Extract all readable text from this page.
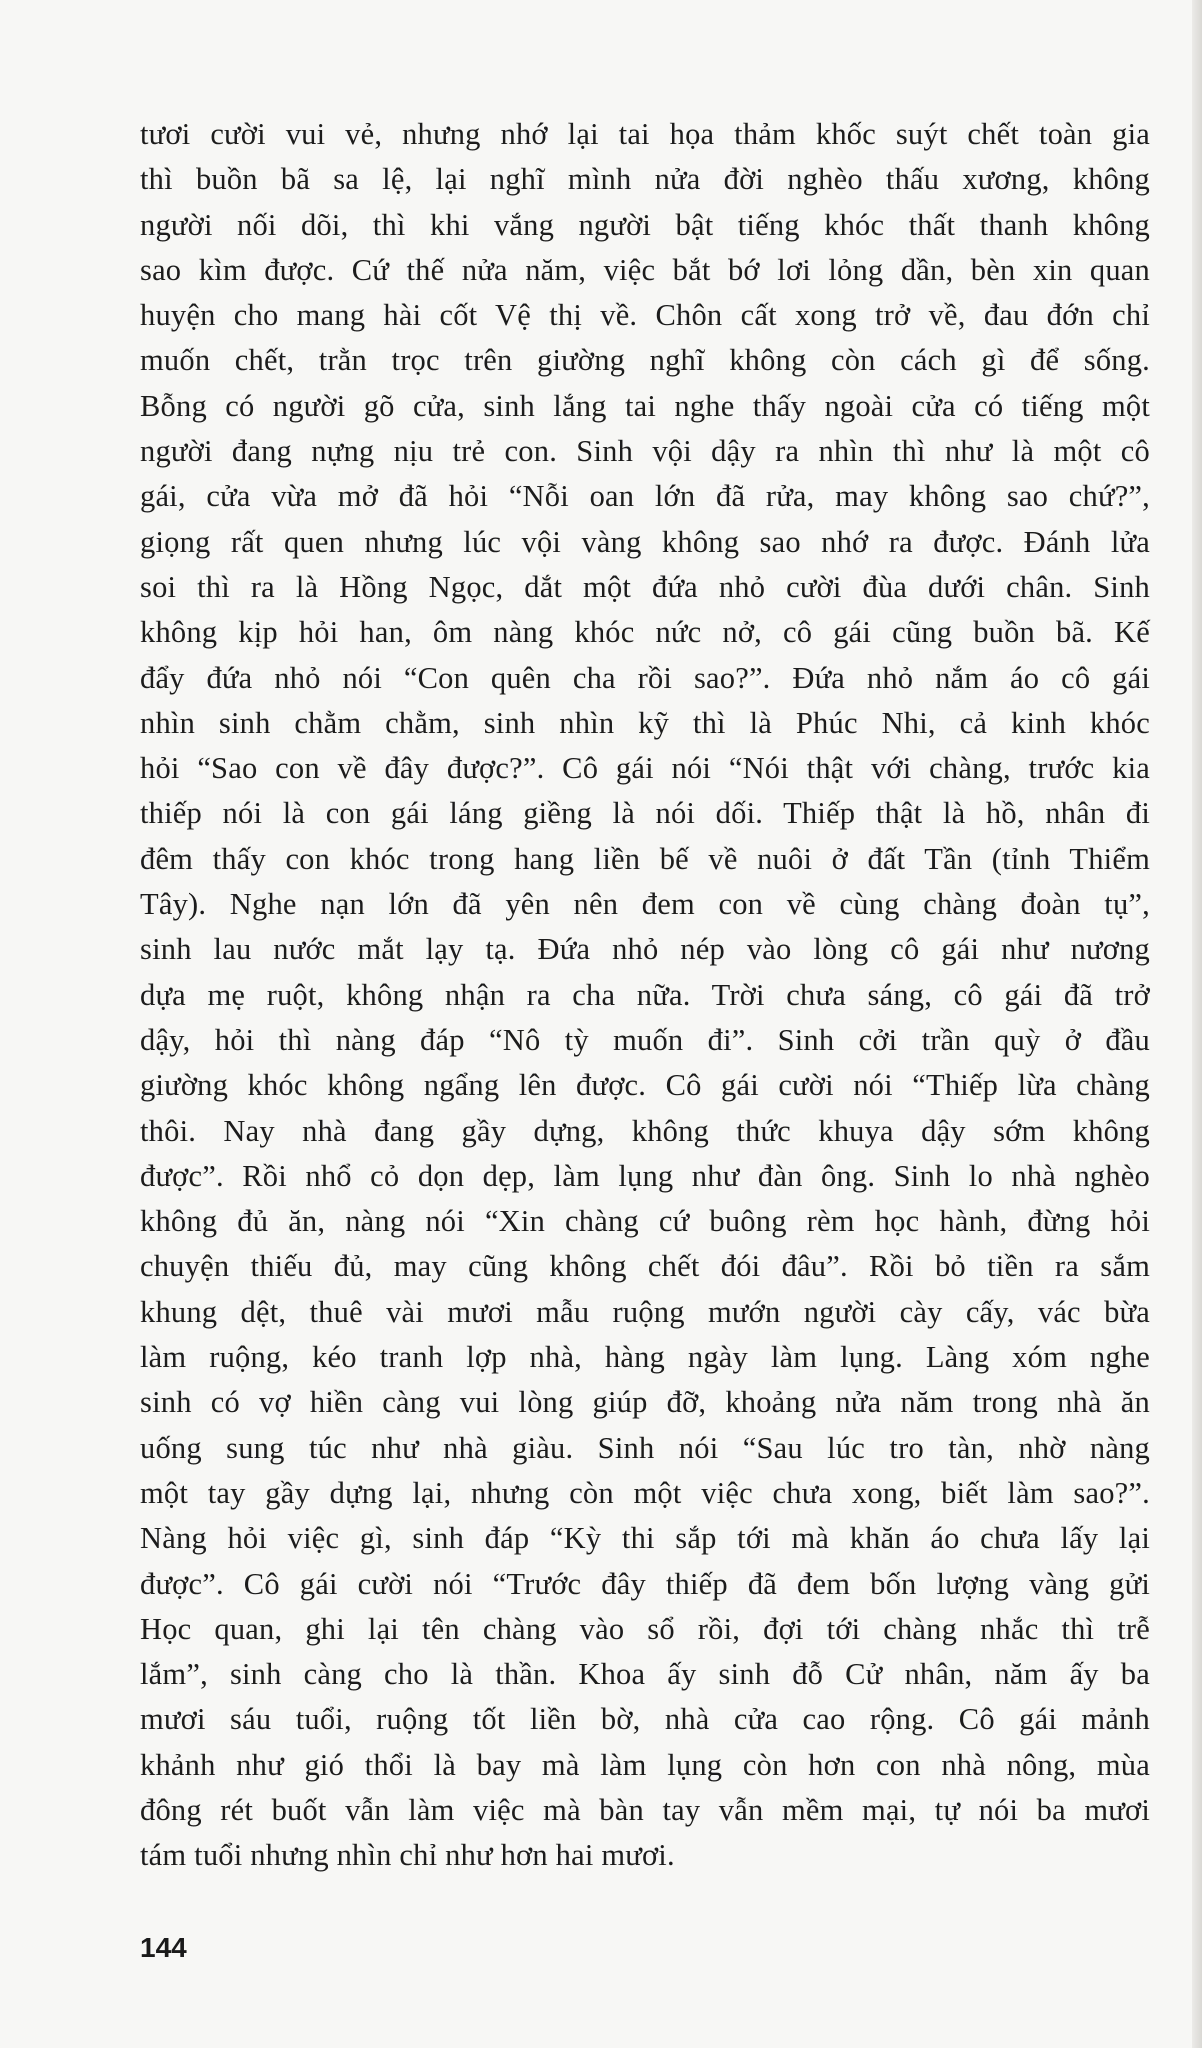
tươi cười vui vẻ, nhưng nhớ lại tai họa thảm khốc suýt chết toàn gia
thì buồn bã sa lệ, lại nghĩ mình nửa đời nghèo thấu xương, không
người nối dõi, thì khi vắng người bật tiếng khóc thất thanh không
sao kìm được. Cứ thế nửa năm, việc bắt bớ lơi lỏng dần, bèn xin quan
huyện cho mang hài cốt Vệ thị về. Chôn cất xong trở về, đau đớn chỉ
muốn chết, trằn trọc trên giường nghĩ không còn cách gì để sống.
Bỗng có người gõ cửa, sinh lắng tai nghe thấy ngoài cửa có tiếng một
người đang nựng nịu trẻ con. Sinh vội dậy ra nhìn thì như là một cô
gái, cửa vừa mở đã hỏi “Nỗi oan lớn đã rửa, may không sao chứ?”,
giọng rất quen nhưng lúc vội vàng không sao nhớ ra được. Đánh lửa
soi thì ra là Hồng Ngọc, dắt một đứa nhỏ cười đùa dưới chân. Sinh
không kịp hỏi han, ôm nàng khóc nức nở, cô gái cũng buồn bã. Kế
đẩy đứa nhỏ nói “Con quên cha rồi sao?”. Đứa nhỏ nắm áo cô gái
nhìn sinh chằm chằm, sinh nhìn kỹ thì là Phúc Nhi, cả kinh khóc
hỏi “Sao con về đây được?”. Cô gái nói “Nói thật với chàng, trước kia
thiếp nói là con gái láng giềng là nói dối. Thiếp thật là hồ, nhân đi
đêm thấy con khóc trong hang liền bế về nuôi ở đất Tần (tỉnh Thiểm
Tây). Nghe nạn lớn đã yên nên đem con về cùng chàng đoàn tụ”,
sinh lau nước mắt lạy tạ. Đứa nhỏ nép vào lòng cô gái như nương
dựa mẹ ruột, không nhận ra cha nữa. Trời chưa sáng, cô gái đã trở
dậy, hỏi thì nàng đáp “Nô tỳ muốn đi”. Sinh cởi trần quỳ ở đầu
giường khóc không ngẩng lên được. Cô gái cười nói “Thiếp lừa chàng
thôi. Nay nhà đang gầy dựng, không thức khuya dậy sớm không
được”. Rồi nhổ cỏ dọn dẹp, làm lụng như đàn ông. Sinh lo nhà nghèo
không đủ ăn, nàng nói “Xin chàng cứ buông rèm học hành, đừng hỏi
chuyện thiếu đủ, may cũng không chết đói đâu”. Rồi bỏ tiền ra sắm
khung dệt, thuê vài mươi mẫu ruộng mướn người cày cấy, vác bừa
làm ruộng, kéo tranh lợp nhà, hàng ngày làm lụng. Làng xóm nghe
sinh có vợ hiền càng vui lòng giúp đỡ, khoảng nửa năm trong nhà ăn
uống sung túc như nhà giàu. Sinh nói “Sau lúc tro tàn, nhờ nàng
một tay gầy dựng lại, nhưng còn một việc chưa xong, biết làm sao?”.
Nàng hỏi việc gì, sinh đáp “Kỳ thi sắp tới mà khăn áo chưa lấy lại
được”. Cô gái cười nói “Trước đây thiếp đã đem bốn lượng vàng gửi
Học quan, ghi lại tên chàng vào sổ rồi, đợi tới chàng nhắc thì trễ
lắm”, sinh càng cho là thần. Khoa ấy sinh đỗ Cử nhân, năm ấy ba
mươi sáu tuổi, ruộng tốt liền bờ, nhà cửa cao rộng. Cô gái mảnh
khảnh như gió thổi là bay mà làm lụng còn hơn con nhà nông, mùa
đông rét buốt vẫn làm việc mà bàn tay vẫn mềm mại, tự nói ba mươi
tám tuổi nhưng nhìn chỉ như hơn hai mươi.
144
